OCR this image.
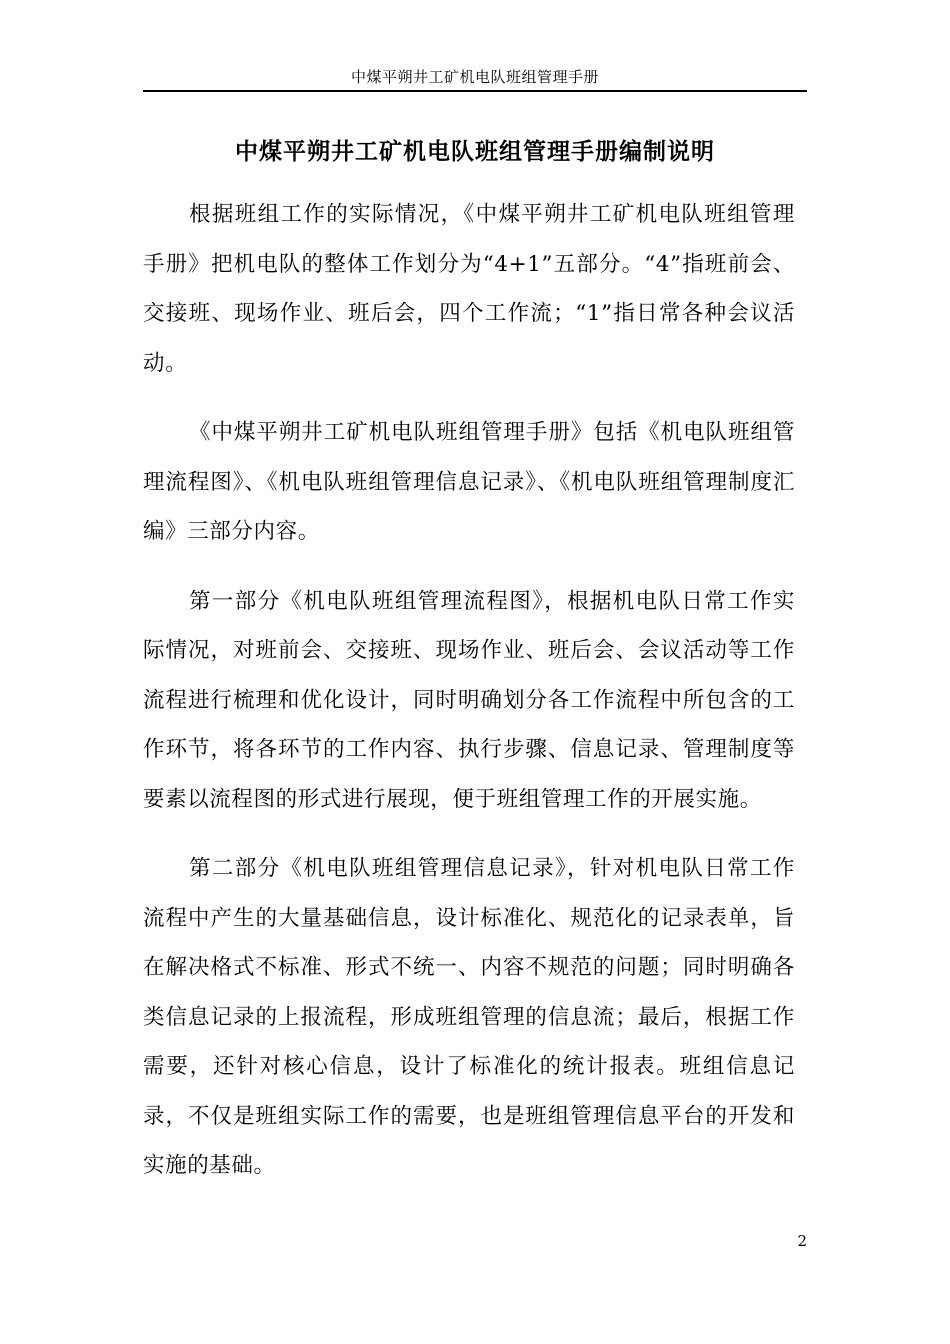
中煤平朔井工矿机电队班组管理手册
中煤平朔井工矿机电队班组管理手册编制说明

根据班组工作的实际情况，《中煤平朔井工矿机电队班组管理手册》把机电队的整体工作划分为“4+1”五部分。“4”指班前会、交接班、现场作业、班后会，四个工作流；“1”指日常各种会议活动。

《中煤平朔井工矿机电队班组管理手册》包括《机电队班组管理流程图》、《机电队班组管理信息记录》、《机电队班组管理制度汇编》三部分内容。

第一部分《机电队班组管理流程图》，根据机电队日常工作实际情况，对班前会、交接班、现场作业、班后会、会议活动等工作流程进行梳理和优化设计，同时明确划分各工作流程中所包含的工作环节，将各环节的工作内容、执行步骤、信息记录、管理制度等要素以流程图的形式进行展现，便于班组管理工作的开展实施。

第二部分《机电队班组管理信息记录》，针对机电队日常工作流程中产生的大量基础信息，设计标准化、规范化的记录表单，旨在解决格式不标准、形式不统一、内容不规范的问题；同时明确各类信息记录的上报流程，形成班组管理的信息流；最后，根据工作需要，还针对核心信息，设计了标准化的统计报表。班组信息记录，不仅是班组实际工作的需要，也是班组管理信息平台的开发和实施的基础。

2
